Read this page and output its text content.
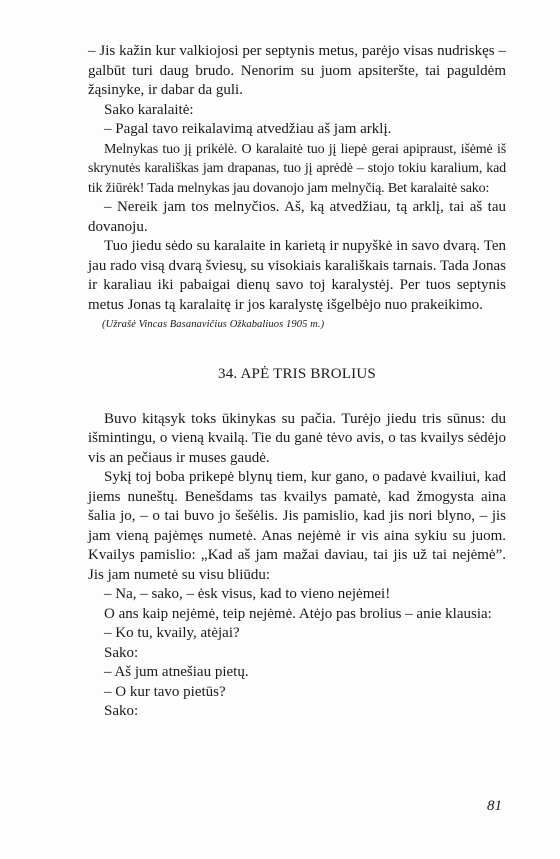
– Jis kažin kur valkiojosi per septynis metus, parėjo visas nudriskęs – galbūt turi daug brudo. Nenorim su juom apsiteršte, tai paguldėm žąsinyke, ir dabar da guli.

Sako karalaitė:

– Pagal tavo reikalavimą atvedžiau aš jam arklį.

Melnykas tuo jį prikėlė. O karalaitė tuo jį liepė gerai apipraust, išėmė iš skrynutės karališkas jam drapanas, tuo jį aprėdė – stojo tokiu karalium, kad tik žiūrėk! Tada melnykas jau dovanojo jam melnyčią. Bet karalaitė sako:

– Nereik jam tos melnyčios. Aš, ką atvedžiau, tą arklį, tai aš tau dovanoju.

Tuo jiedu sėdo su karalaite in karietą ir nupyškė in savo dvarą. Ten jau rado visą dvarą šviesų, su visokiais karališkais tarnais. Tada Jonas ir karaliau iki pabaigai dienų savo toj karalystėj. Per tuos septynis metus Jonas tą karalaitę ir jos karalystę išgelbėjo nuo prakeikimo.

(Užrašė Vincas Basanavičius Ožkabaliuos 1905 m.)

34. APĖ TRIS BROLIUS

Buvo kitąsyk toks ūkinykas su pačia. Turėjo jiedu tris sūnus: du išmintingu, o vieną kvailą. Tie du ganė tėvo avis, o tas kvailys sėdėjo vis an pečiaus ir muses gaudė.

Sykį toj boba prikepė blynų tiem, kur gano, o padavė kvailiui, kad jiems nuneštų. Benešdams tas kvailys pamatė, kad žmogysta aina šalia jo, – o tai buvo jo šešėlis. Jis pamislio, kad jis nori blyno, – jis jam vieną pajėmęs numetė. Anas nejėmė ir vis aina sykiu su juom. Kvailys pamislio: „Kad aš jam mažai daviau, tai jis už tai nejėmė”. Jis jam numetė su visu bliūdu:

– Na, – sako, – ėsk visus, kad to vieno nejėmei!

O ans kaip nejėmė, teip nejėmė. Atėjo pas brolius – anie klausia:

– Ko tu, kvaily, atėjai?

Sako:

– Aš jum atnešiau pietų.

– O kur tavo pietūs?

Sako:

81
